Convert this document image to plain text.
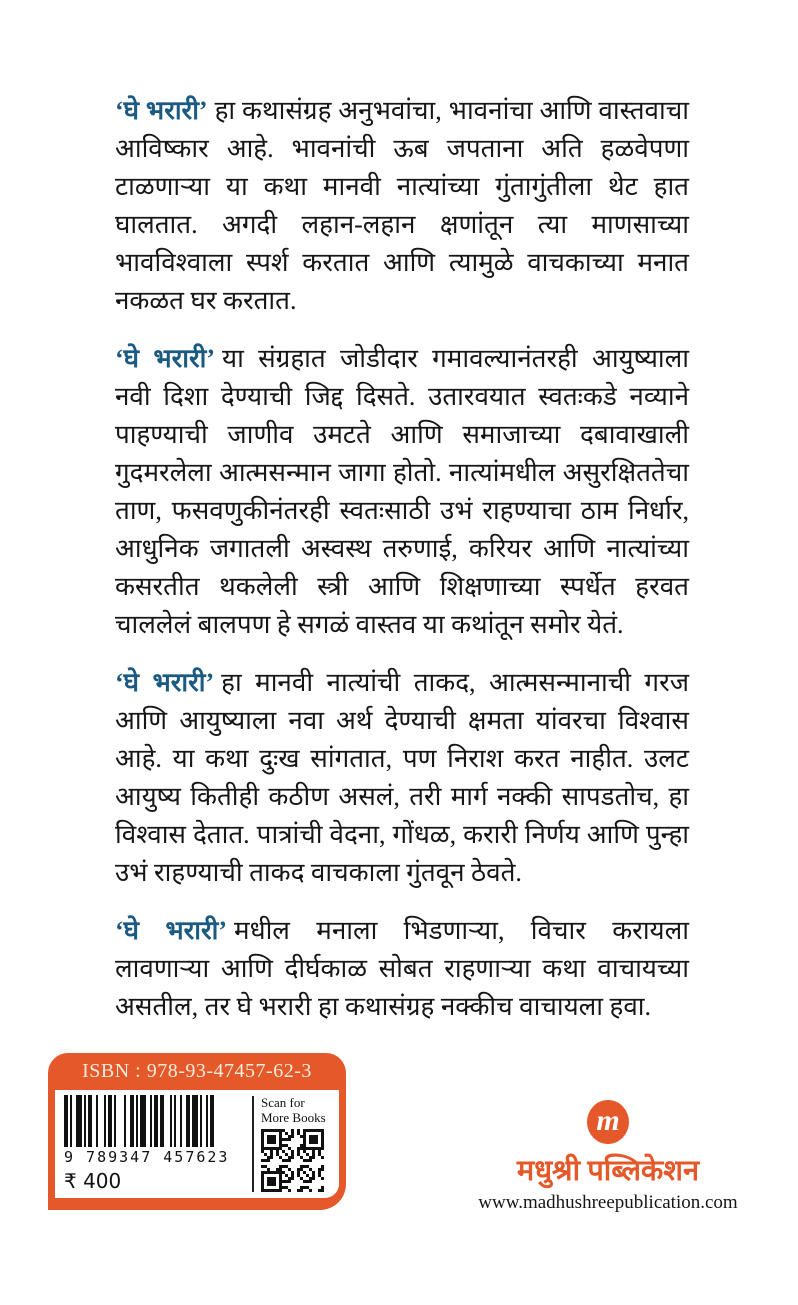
‘घे भरारी’ हा कथासंग्रह अनुभवांचा, भावनांचा आणि वास्तवाचा आविष्कार आहे. भावनांची ऊब जपताना अति हळवेपणा टाळणाऱ्या या कथा मानवी नात्यांच्या गुंतागुंतीला थेट हात घालतात. अगदी लहान-लहान क्षणांतून त्या माणसाच्या भावविश्वाला स्पर्श करतात आणि त्यामुळे वाचकाच्या मनात नकळत घर करतात.

‘घे भरारी’ या संग्रहात जोडीदार गमावल्यानंतरही आयुष्याला नवी दिशा देण्याची जिद्द दिसते. उतारवयात स्वतःकडे नव्याने पाहण्याची जाणीव उमटते आणि समाजाच्या दबावाखाली गुदमरलेला आत्मसन्मान जागा होतो. नात्यांमधील असुरक्षिततेचा ताण, फसवणुकीनंतरही स्वतःसाठी उभं राहण्याचा ठाम निर्धार, आधुनिक जगातली अस्वस्थ तरुणाई, करियर आणि नात्यांच्या कसरतीत थकलेली स्त्री आणि शिक्षणाच्या स्पर्धेत हरवत चाललेलं बालपण हे सगळं वास्तव या कथांतून समोर येतं.

‘घे भरारी’ हा मानवी नात्यांची ताकद, आत्मसन्मानाची गरज आणि आयुष्याला नवा अर्थ देण्याची क्षमता यांवरचा विश्वास आहे. या कथा दुःख सांगतात, पण निराश करत नाहीत. उलट आयुष्य कितीही कठीण असलं, तरी मार्ग नक्की सापडतोच, हा विश्वास देतात. पात्रांची वेदना, गोंधळ, करारी निर्णय आणि पुन्हा उभं राहण्याची ताकद वाचकाला गुंतवून ठेवते.

‘घे भरारी’ मधील मनाला भिडणाऱ्या, विचार करायला लावणाऱ्या आणि दीर्घकाळ सोबत राहणाऱ्या कथा वाचायच्या असतील, तर घे भरारी हा कथासंग्रह नक्कीच वाचायला हवा.

ISBN : 978-93-47457-62-3
9 789347 457623
₹ 400
Scan for
More Books	m
मधुश्री पब्लिकेशन
www.madhushreepublication.com
